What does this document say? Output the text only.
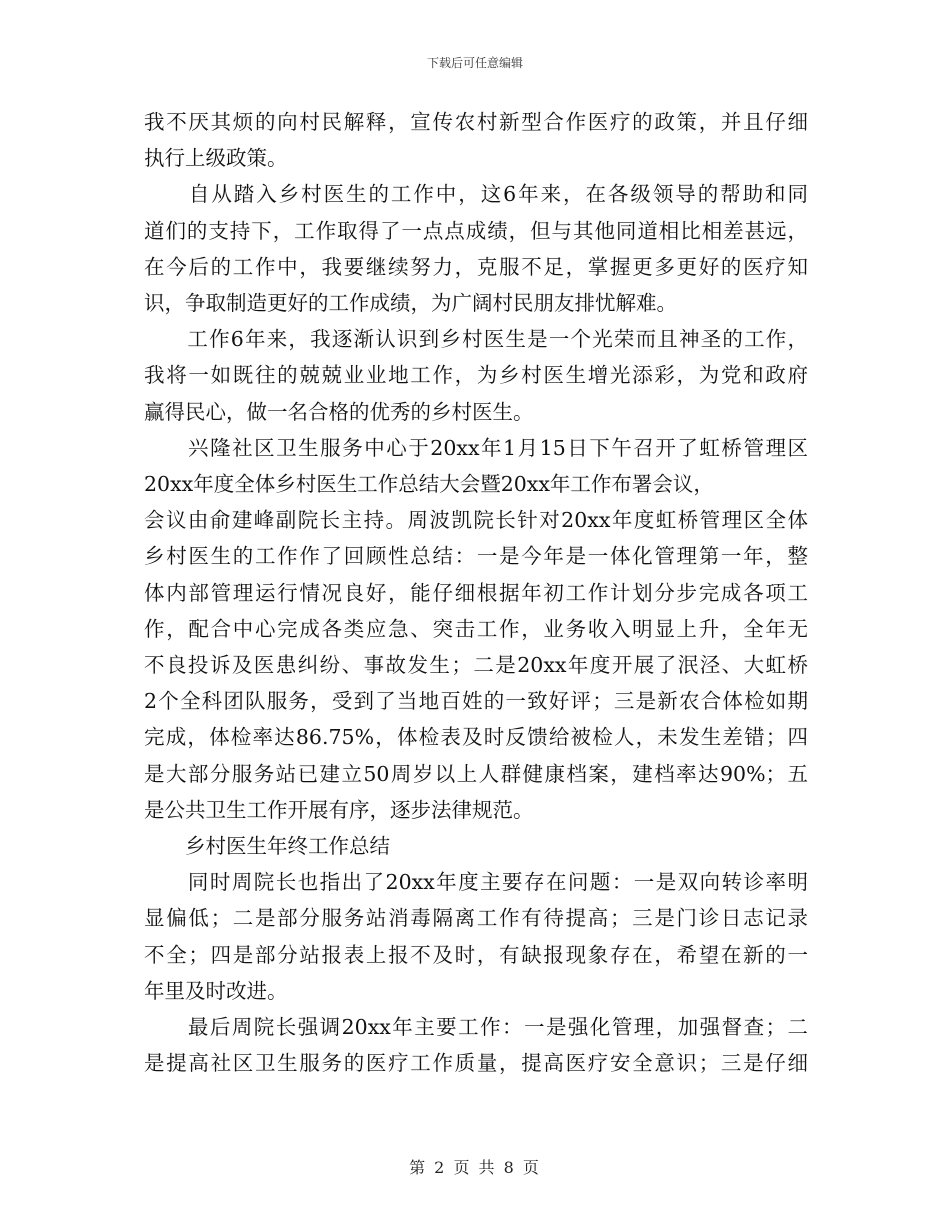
下载后可任意编辑
我不厌其烦的向村民解释，宣传农村新型合作医疗的政策，并且仔细
执行上级政策。
　　自从踏入乡村医生的工作中，这6年来，在各级领导的帮助和同
道们的支持下，工作取得了一点点成绩，但与其他同道相比相差甚远，
在今后的工作中，我要继续努力，克服不足，掌握更多更好的医疗知
识，争取制造更好的工作成绩，为广阔村民朋友排忧解难。
　　工作6年来，我逐渐认识到乡村医生是一个光荣而且神圣的工作，
我将一如既往的兢兢业业地工作，为乡村医生增光添彩，为党和政府
赢得民心，做一名合格的优秀的乡村医生。
　　兴隆社区卫生服务中心于20xx年1月15日下午召开了虹桥管理区
20xx年度全体乡村医生工作总结大会暨20xx年工作布署会议，
会议由俞建峰副院长主持。周波凯院长针对20xx年度虹桥管理区全体
乡村医生的工作作了回顾性总结：一是今年是一体化管理第一年，整
体内部管理运行情况良好，能仔细根据年初工作计划分步完成各项工
作，配合中心完成各类应急、突击工作，业务收入明显上升，全年无
不良投诉及医患纠纷、事故发生；二是20xx年度开展了泯泾、大虹桥
2个全科团队服务，受到了当地百姓的一致好评；三是新农合体检如期
完成，体检率达86.75%，体检表及时反馈给被检人，未发生差错；四
是大部分服务站已建立50周岁以上人群健康档案，建档率达90%；五
是公共卫生工作开展有序，逐步法律规范。
　　乡村医生年终工作总结
　　同时周院长也指出了20xx年度主要存在问题：一是双向转诊率明
显偏低；二是部分服务站消毒隔离工作有待提高；三是门诊日志记录
不全；四是部分站报表上报不及时，有缺报现象存在，希望在新的一
年里及时改进。
　　最后周院长强调20xx年主要工作：一是强化管理，加强督查；二
是提高社区卫生服务的医疗工作质量，提高医疗安全意识；三是仔细
第 2 页 共 8 页
